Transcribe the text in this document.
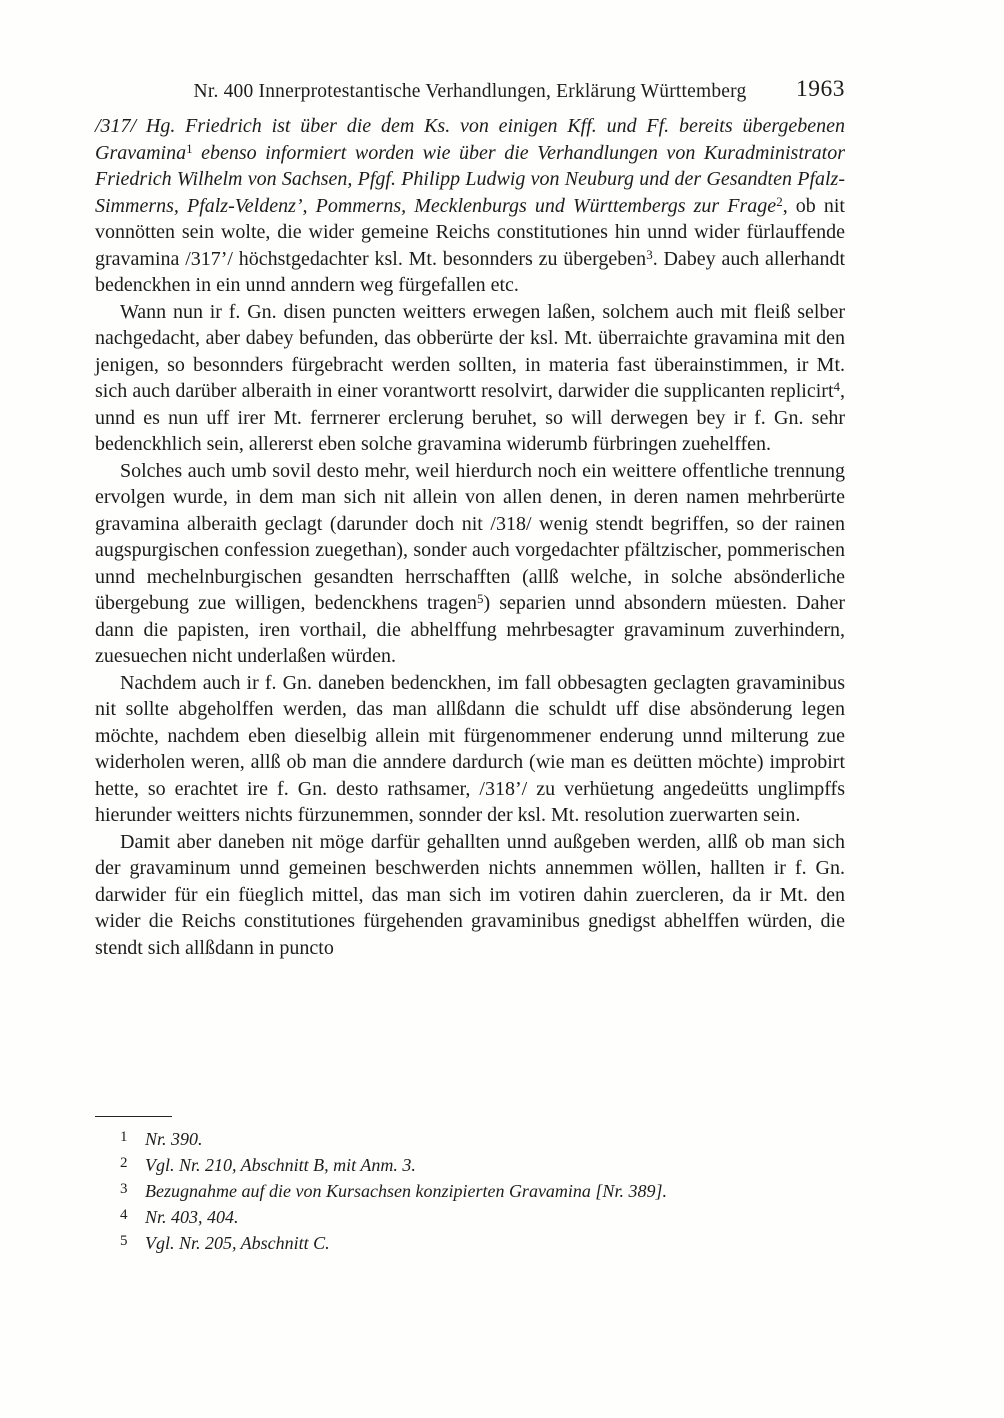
Nr. 400 Innerprotestantische Verhandlungen, Erklärung Württemberg	1963

/317/ Hg. Friedrich ist über die dem Ks. von einigen Kff. und Ff. bereits übergebenen Gravamina$^1$ ebenso informiert worden wie über die Verhandlungen von Kuradministrator Friedrich Wilhelm von Sachsen, Pfgf. Philipp Ludwig von Neuburg und der Gesandten Pfalz-Simmerns, Pfalz-Veldenz’, Pommerns, Mecklenburgs und Württembergs zur Frage$^2$, ob nit vonnötten sein wolte, die wider gemeine Reichs constitutiones hin unnd wider fürlauffende gravamina /317’/ höchstgedachter ksl. Mt. besonnders zu übergeben$^3$. Dabey auch allerhandt bedenckhen in ein unnd anndern weg fürgefallen etc.

Wann nun ir f. Gn. disen puncten weitters erwegen laßen, solchem auch mit fleiß selber nachgedacht, aber dabey befunden, das obberürte der ksl. Mt. überraichte gravamina mit den jenigen, so besonnders fürgebracht werden sollten, in materia fast überainstimmen, ir Mt. sich auch darüber alberaith in einer vorantwortt resolvirt, darwider die supplicanten replicirt$^4$, unnd es nun uff irer Mt. ferrnerer erclerung beruhet, so will derwegen bey ir f. Gn. sehr bedenckhlich sein, allererst eben solche gravamina widerumb fürbringen zuehelffen.

Solches auch umb sovil desto mehr, weil hierdurch noch ein weittere offentliche trennung ervolgen wurde, in dem man sich nit allein von allen denen, in deren namen mehrberürte gravamina alberaith geclagt (darunder doch nit /318/ wenig stendt begriffen, so der rainen augspurgischen confession zuegethan), sonder auch vorgedachter pfältzischer, pommerischen unnd mechelnburgischen gesandten herrschafften (allß welche, in solche absönderliche übergebung zue willigen, bedenckhens tragen$^5$) separien unnd absondern müesten. Daher dann die papisten, iren vorthail, die abhelffung mehrbesagter gravaminum zuverhindern, zuesuechen nicht underlaßen würden.

Nachdem auch ir f. Gn. daneben bedenckhen, im fall obbesagten geclagten gravaminibus nit sollte abgeholffen werden, das man allßdann die schuldt uff dise absönderung legen möchte, nachdem eben dieselbig allein mit fürgenommener enderung unnd milterung zue widerholen weren, allß ob man die anndere dardurch (wie man es deütten möchte) improbirt hette, so erachtet ire f. Gn. desto rathsamer, /318’/ zu verhüetung angedeütts unglimpffs hierunder weitters nichts fürzunemmen, sonnder der ksl. Mt. resolution zuerwarten sein.

Damit aber daneben nit möge darfür gehallten unnd außgeben werden, allß ob man sich der gravaminum unnd gemeinen beschwerden nichts annemmen wöllen, hallten ir f. Gn. darwider für ein füeglich mittel, das man sich im votiren dahin zuercleren, da ir Mt. den wider die Reichs constitutiones fürgehenden gravaminibus gnedigst abhelffen würden, die stendt sich allßdann in puncto

1 Nr. 390.
2 Vgl. Nr. 210, Abschnitt B, mit Anm. 3.
3 Bezugnahme auf die von Kursachsen konzipierten Gravamina [Nr. 389].
4 Nr. 403, 404.
5 Vgl. Nr. 205, Abschnitt C.
